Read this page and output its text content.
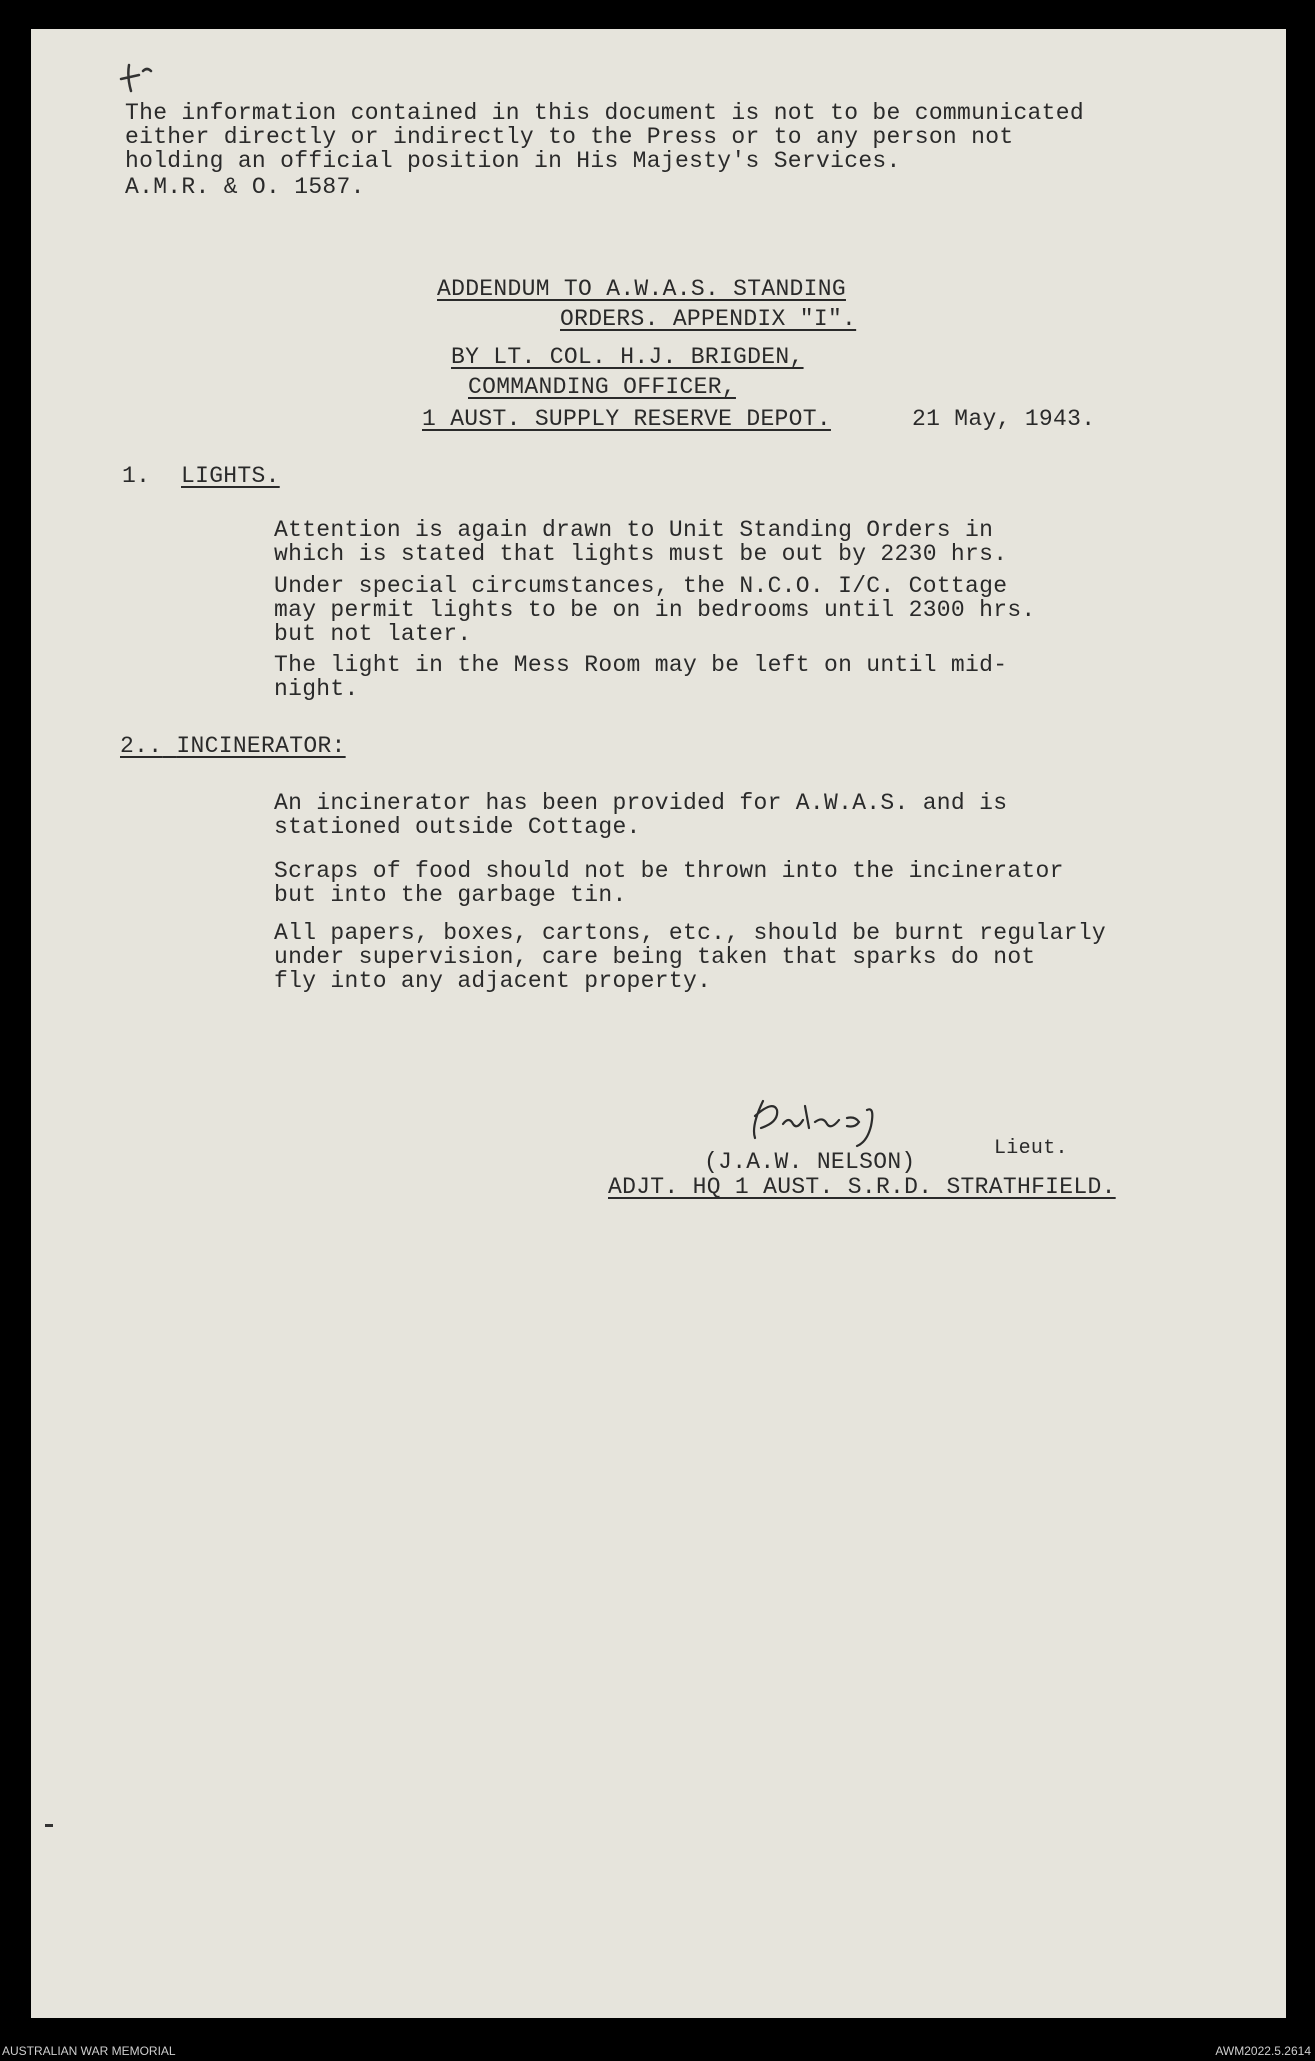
The information contained in this document is not to be communicated
either directly or indirectly to the Press or to any person not
holding an official position in His Majesty's Services.
A.M.R. & O. 1587.
ADDENDUM TO A.W.A.S. STANDING
ORDERS. APPENDIX "I".
BY LT. COL. H.J. BRIGDEN,
COMMANDING OFFICER,
1 AUST. SUPPLY RESERVE DEPOT.	21 May, 1943.
1. LIGHTS.
Attention is again drawn to Unit Standing Orders in
which is stated that lights must be out by 2230 hrs.
Under special circumstances, the N.C.O. I/C. Cottage
may permit lights to be on in bedrooms until 2300 hrs.
but not later.
The light in the Mess Room may be left on until mid-
night.
2.. INCINERATOR:
An incinerator has been provided for A.W.A.S. and is
stationed outside Cottage.
Scraps of food should not be thrown into the incinerator
but into the garbage tin.
All papers, boxes, cartons, etc., should be burnt regularly
under supervision, care being taken that sparks do not
fly into any adjacent property.
Lieut.
(J.A.W. NELSON)
ADJT. HQ 1 AUST. S.R.D. STRATHFIELD.
AUSTRALIAN WAR MEMORIAL	AWM2022.5.2614
